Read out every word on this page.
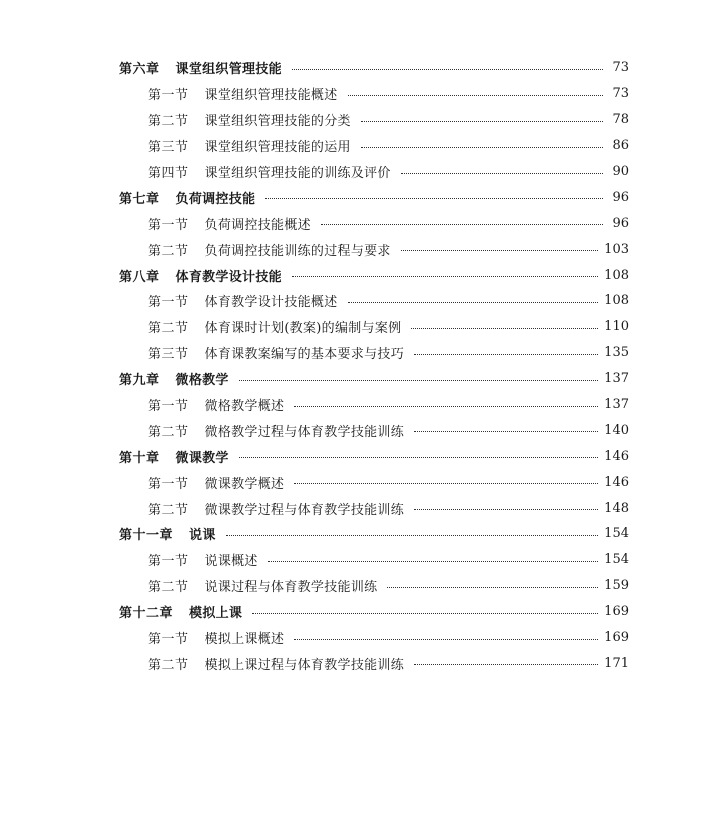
第六章 课堂组织管理技能	73
第一节 课堂组织管理技能概述	73
第二节 课堂组织管理技能的分类	78
第三节 课堂组织管理技能的运用	86
第四节 课堂组织管理技能的训练及评价	90
第七章 负荷调控技能	96
第一节 负荷调控技能概述	96
第二节 负荷调控技能训练的过程与要求	103
第八章 体育教学设计技能	108
第一节 体育教学设计技能概述	108
第二节 体育课时计划(教案)的编制与案例	110
第三节 体育课教案编写的基本要求与技巧	135
第九章 微格教学	137
第一节 微格教学概述	137
第二节 微格教学过程与体育教学技能训练	140
第十章 微课教学	146
第一节 微课教学概述	146
第二节 微课教学过程与体育教学技能训练	148
第十一章 说课	154
第一节 说课概述	154
第二节 说课过程与体育教学技能训练	159
第十二章 模拟上课	169
第一节 模拟上课概述	169
第二节 模拟上课过程与体育教学技能训练	171
